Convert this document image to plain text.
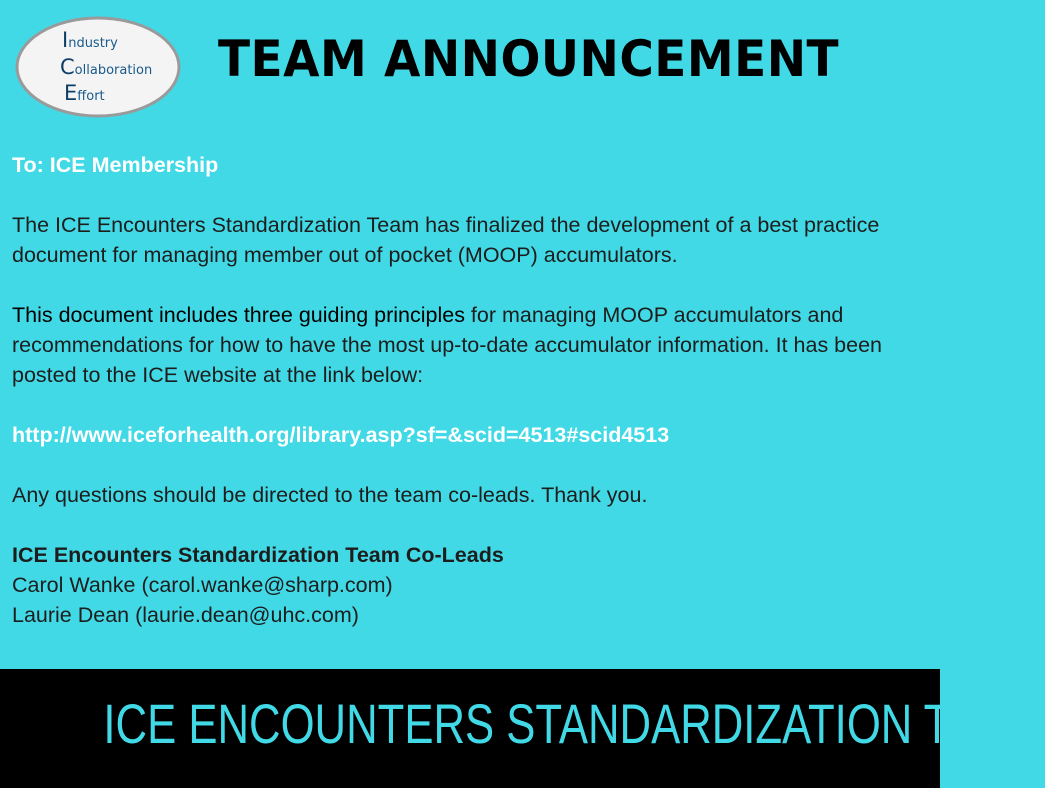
Industry
Collaboration
Effort
TEAM ANNOUNCEMENT

To: ICE Membership

The ICE Encounters Standardization Team has finalized the development of a best practice document for managing member out of pocket (MOOP) accumulators.

This document includes three guiding principles for managing MOOP accumulators and recommendations for how to have the most up-to-date accumulator information. It has been posted to the ICE website at the link below:

http://www.iceforhealth.org/library.asp?sf=&scid=4513#scid4513

Any questions should be directed to the team co-leads. Thank you.

ICE Encounters Standardization Team Co-Leads

Carol Wanke (carol.wanke@sharp.com)

Laurie Dean (laurie.dean@uhc.com)

ICE ENCOUNTERS STANDARDIZATION TEAM
